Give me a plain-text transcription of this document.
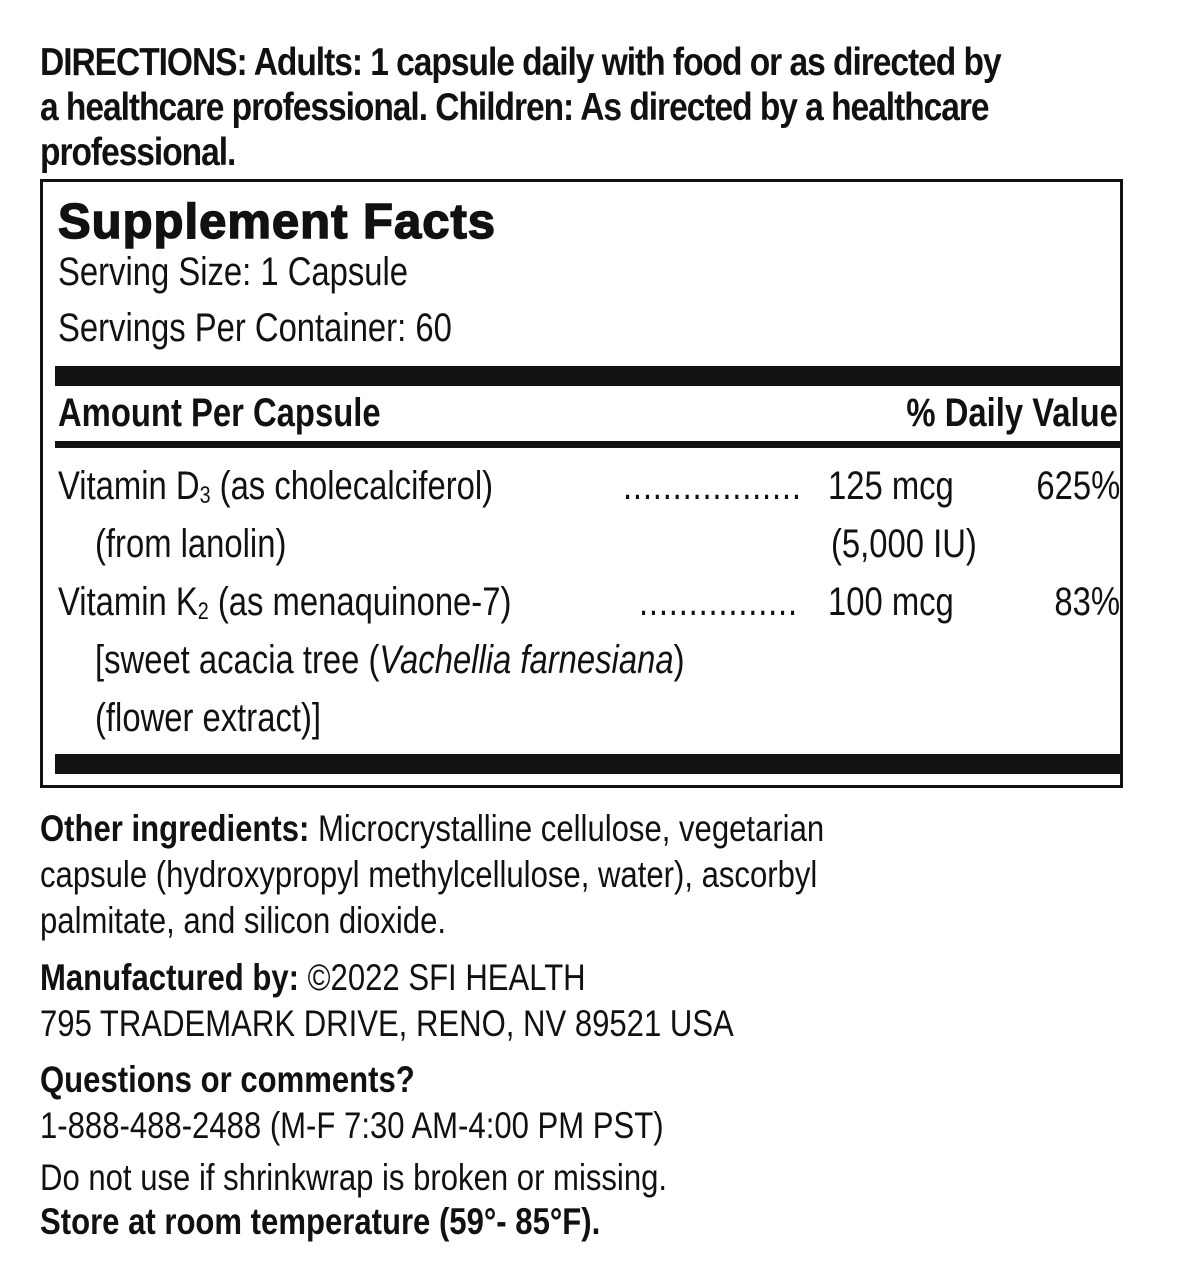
DIRECTIONS: Adults: 1 capsule daily with food or as directed by
a healthcare professional. Children: As directed by a healthcare
professional.
Supplement Facts
Serving Size: 1 Capsule
Servings Per Container: 60
Amount Per Capsule	% Daily Value
Vitamin $D_3$ (as cholecalciferol)	.................. 125 mcg	625%
(from lanolin)	(5,000 IU)
Vitamin $K_2$ (as menaquinone-7)	................ 100 mcg	83%
[sweet acacia tree (Vachellia farnesiana)
(flower extract)]
Other ingredients: Microcrystalline cellulose, vegetarian
capsule (hydroxypropyl methylcellulose, water), ascorbyl
palmitate, and silicon dioxide.
Manufactured by: ©2022 SFI HEALTH
795 TRADEMARK DRIVE, RENO, NV 89521 USA
Questions or comments?
1-888-488-2488 (M-F 7:30 AM-4:00 PM PST)
Do not use if shrinkwrap is broken or missing.
Store at room temperature (59°- 85°F).
